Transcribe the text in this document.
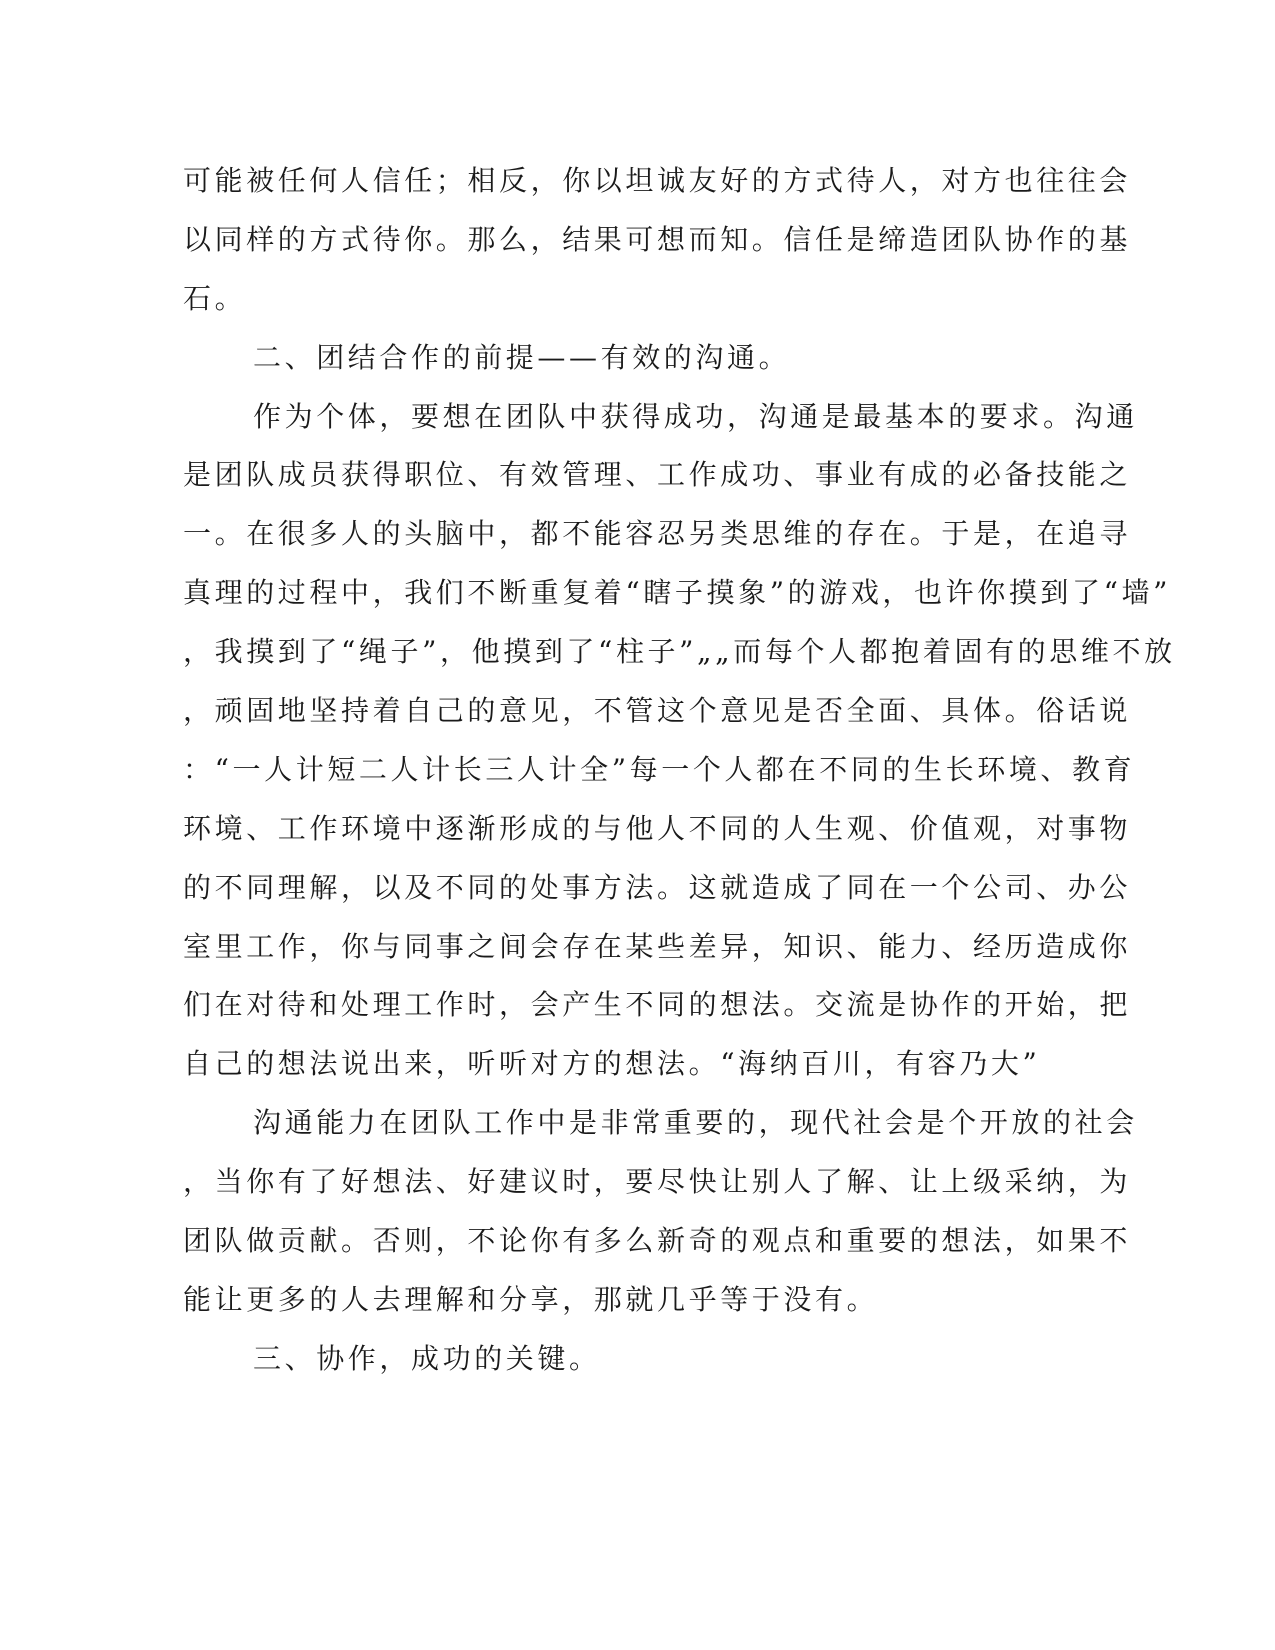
可能被任何人信任；相反，你以坦诚友好的方式待人，对方也往往会
以同样的方式待你。那么，结果可想而知。信任是缔造团队协作的基
石。
二、团结合作的前提——有效的沟通。
作为个体，要想在团队中获得成功，沟通是最基本的要求。沟通
是团队成员获得职位、有效管理、工作成功、事业有成的必备技能之
一。在很多人的头脑中，都不能容忍另类思维的存在。于是，在追寻
真理的过程中，我们不断重复着“瞎子摸象”的游戏，也许你摸到了“墙”
，我摸到了“绳子”，他摸到了“柱子”„„而每个人都抱着固有的思维不放
，顽固地坚持着自己的意见，不管这个意见是否全面、具体。俗话说
：“一人计短二人计长三人计全”每一个人都在不同的生长环境、教育
环境、工作环境中逐渐形成的与他人不同的人生观、价值观，对事物
的不同理解，以及不同的处事方法。这就造成了同在一个公司、办公
室里工作，你与同事之间会存在某些差异，知识、能力、经历造成你
们在对待和处理工作时，会产生不同的想法。交流是协作的开始，把
自己的想法说出来，听听对方的想法。“海纳百川，有容乃大”
沟通能力在团队工作中是非常重要的，现代社会是个开放的社会
，当你有了好想法、好建议时，要尽快让别人了解、让上级采纳，为
团队做贡献。否则，不论你有多么新奇的观点和重要的想法，如果不
能让更多的人去理解和分享，那就几乎等于没有。
三、协作，成功的关键。
